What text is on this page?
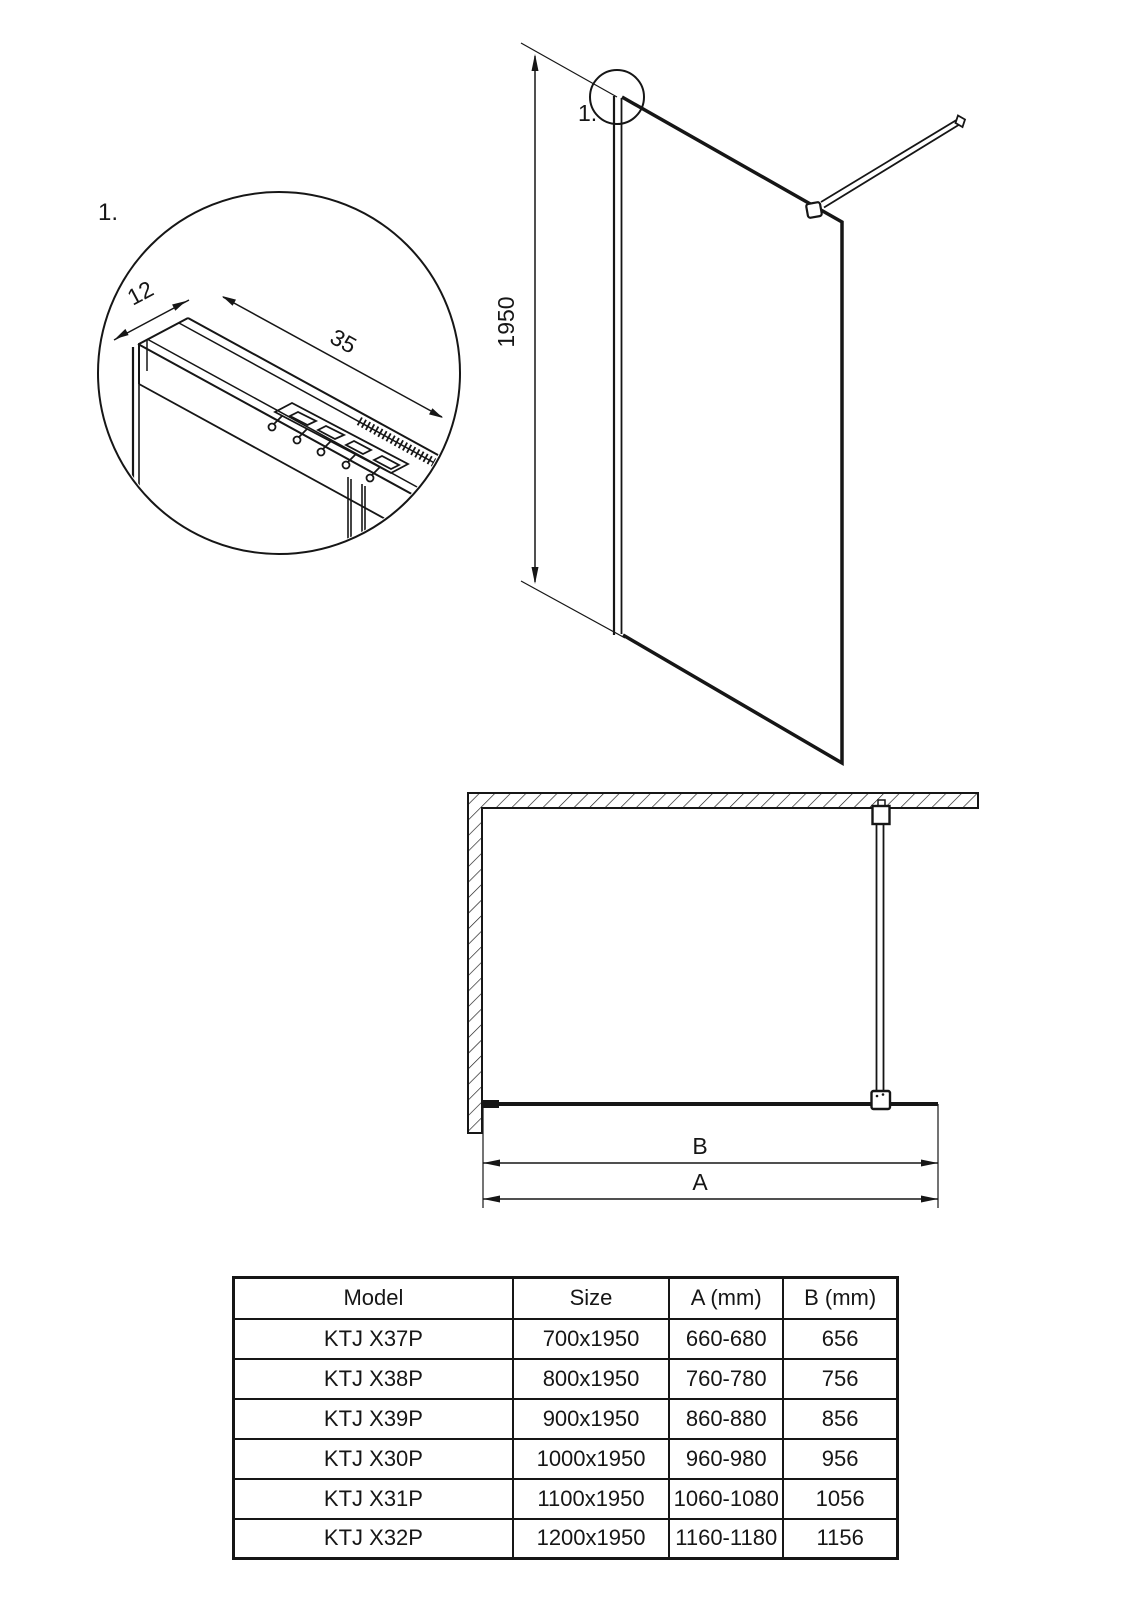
1.
12
35	1950
1.
B
A
Model	Size	A (mm)	B (mm)
KTJ X37P	700x1950	660-680	656
KTJ X38P	800x1950	760-780	756
KTJ X39P	900x1950	860-880	856
KTJ X30P	1000x1950	960-980	956
KTJ X31P	1100x1950	1060-1080	1056
KTJ X32P	1200x1950	1160-1180	1156
